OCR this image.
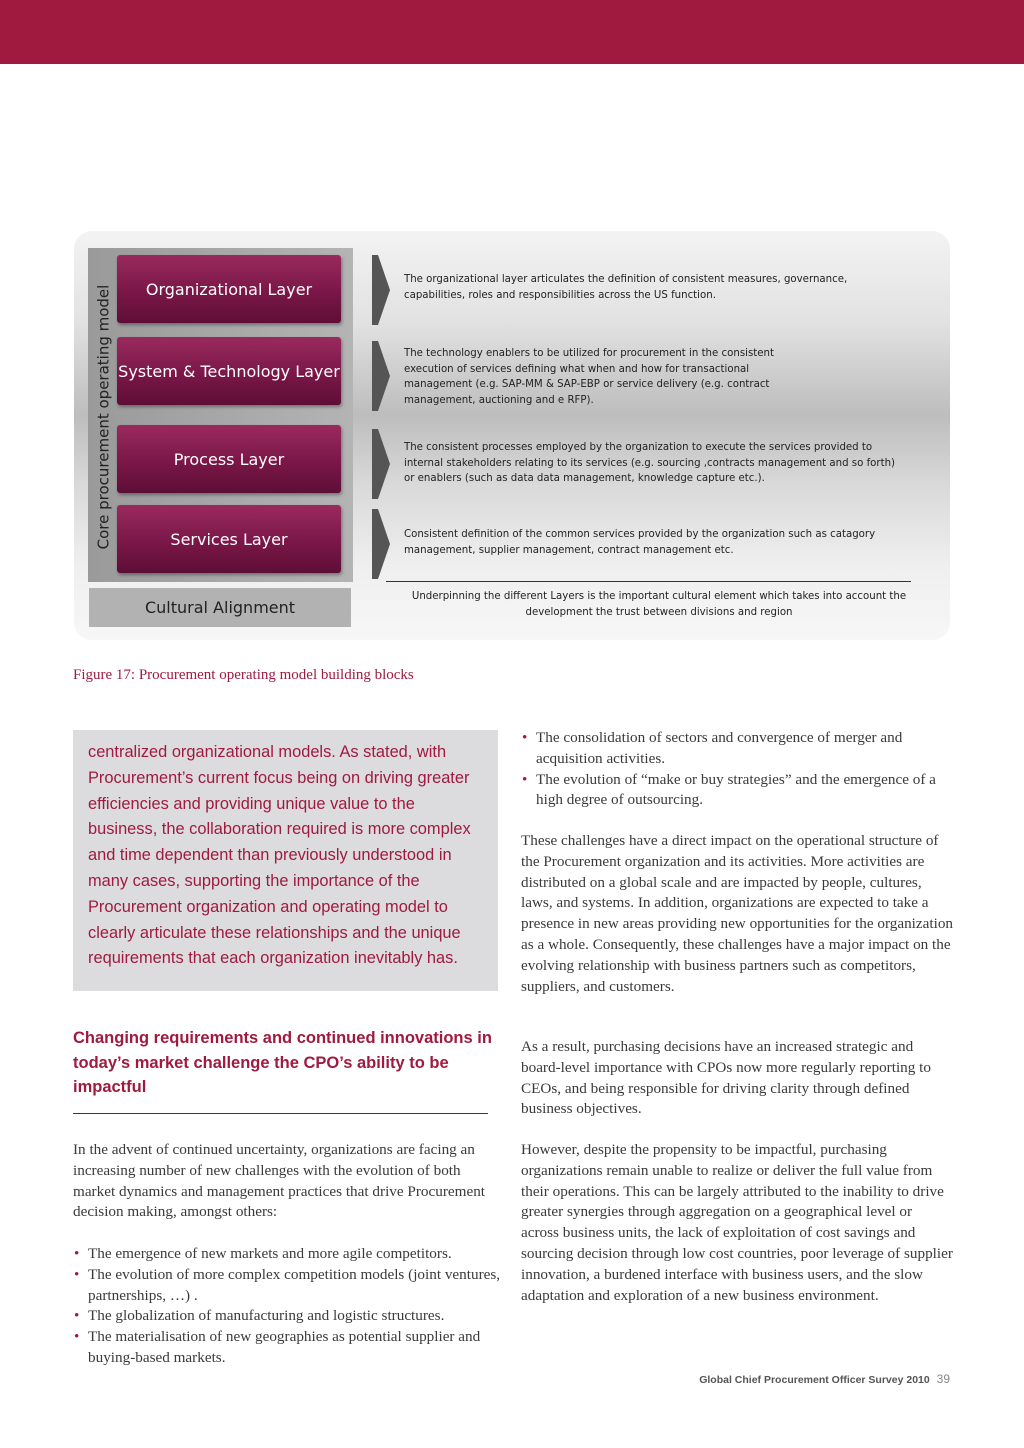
Core procurement operating model Organizational Layer
System & Technology Layer
Process Layer
Services Layer
Cultural Alignment
The organizational layer articulates the definition of consistent measures, governance, capabilities, roles and responsibilities across the US function.
The technology enablers to be utilized for procurement in the consistent execution of services defining what when and how for transactional management (e.g. SAP-MM & SAP-EBP or service delivery (e.g. contract management, auctioning and e RFP).
The consistent processes employed by the organization to execute the services provided to internal stakeholders relating to its services (e.g. sourcing ,contracts management and so forth) or enablers (such as data data management, knowledge capture etc.).
Consistent definition of the common services provided by the organization such as catagory management, supplier management, contract management etc.
Underpinning the different Layers is the important cultural element which takes into account the development the trust between divisions and region
Figure 17: Procurement operating model building blocks
centralized organizational models. As stated, with Procurement’s current focus being on driving greater efficiencies and providing unique value to the business, the collaboration required is more complex and time dependent than previously understood in many cases, supporting the importance of the Procurement organization and operating model to clearly articulate these relationships and the unique requirements that each organization inevitably has.
Changing requirements and continued innovations in today’s market challenge the CPO’s ability to be impactful
In the advent of continued uncertainty, organizations are facing an increasing number of new challenges with the evolution of both market dynamics and management practices that drive Procurement decision making, amongst others:
• The emergence of new markets and more agile competitors.
• The evolution of more complex competition models (joint ventures, partnerships, …) .
• The globalization of manufacturing and logistic structures.
• The materialisation of new geographies as potential supplier and buying-based markets.
• The consolidation of sectors and convergence of merger and acquisition activities.
• The evolution of “make or buy strategies” and the emergence of a high degree of outsourcing.
These challenges have a direct impact on the operational structure of the Procurement organization and its activities. More activities are distributed on a global scale and are impacted by people, cultures, laws, and systems. In addition, organizations are expected to take a presence in new areas providing new opportunities for the organization as a whole. Consequently, these challenges have a major impact on the evolving relationship with business partners such as competitors, suppliers, and customers.
As a result, purchasing decisions have an increased strategic and board-level importance with CPOs now more regularly reporting to CEOs, and being responsible for driving clarity through defined business objectives.
However, despite the propensity to be impactful, purchasing organizations remain unable to realize or deliver the full value from their operations. This can be largely attributed to the inability to drive greater synergies through aggregation on a geographical level or across business units, the lack of exploitation of cost savings and sourcing decision through low cost countries, poor leverage of supplier innovation, a burdened interface with business users, and the slow adaptation and exploration of a new business environment.
Global Chief Procurement Officer Survey 2010 39
